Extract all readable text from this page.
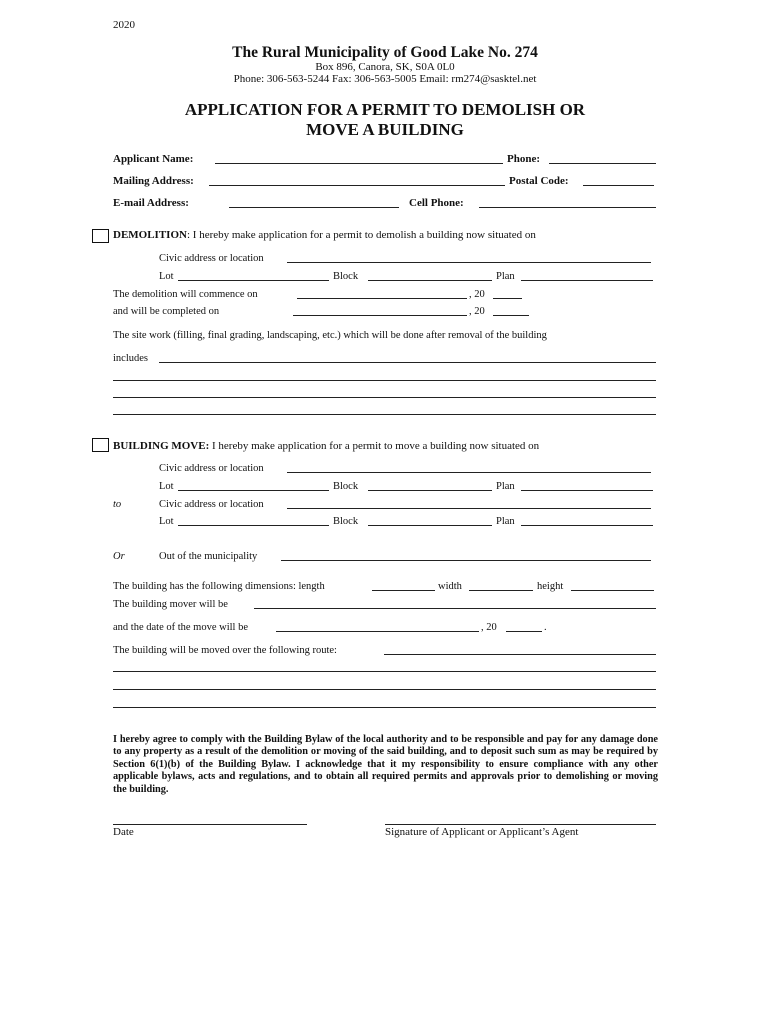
2020
The Rural Municipality of Good Lake No. 274
Box 896, Canora, SK, S0A 0L0
Phone: 306-563-5244 Fax: 306-563-5005 Email: rm274@sasktel.net
APPLICATION FOR A PERMIT TO DEMOLISH OR
MOVE A BUILDING
Applicant Name:	Phone:
Mailing Address:	Postal Code:
E-mail Address:	Cell Phone:
DEMOLITION: I hereby make application for a permit to demolish a building now situated on
Civic address or location
Lot	Block	Plan
The demolition will commence on	, 20
and will be completed on	, 20
The site work (filling, final grading, landscaping, etc.) which will be done after removal of the building
includes
BUILDING MOVE: I hereby make application for a permit to move a building now situated on
Civic address or location
Lot	Block	Plan
to	Civic address or location
Lot	Block	Plan
Or	Out of the municipality
The building has the following dimensions: length	width	height
The building mover will be
and the date of the move will be	, 20	.
The building will be moved over the following route:
I hereby agree to comply with the Building Bylaw of the local authority and to be responsible and pay for any damage done to any property as a result of the demolition or moving of the said building, and to deposit such sum as may be required by Section 6(1)(b) of the Building Bylaw. I acknowledge that it my responsibility to ensure compliance with any other applicable bylaws, acts and regulations, and to obtain all required permits and approvals prior to demolishing or moving the building.
Date	Signature of Applicant or Applicant’s Agent
